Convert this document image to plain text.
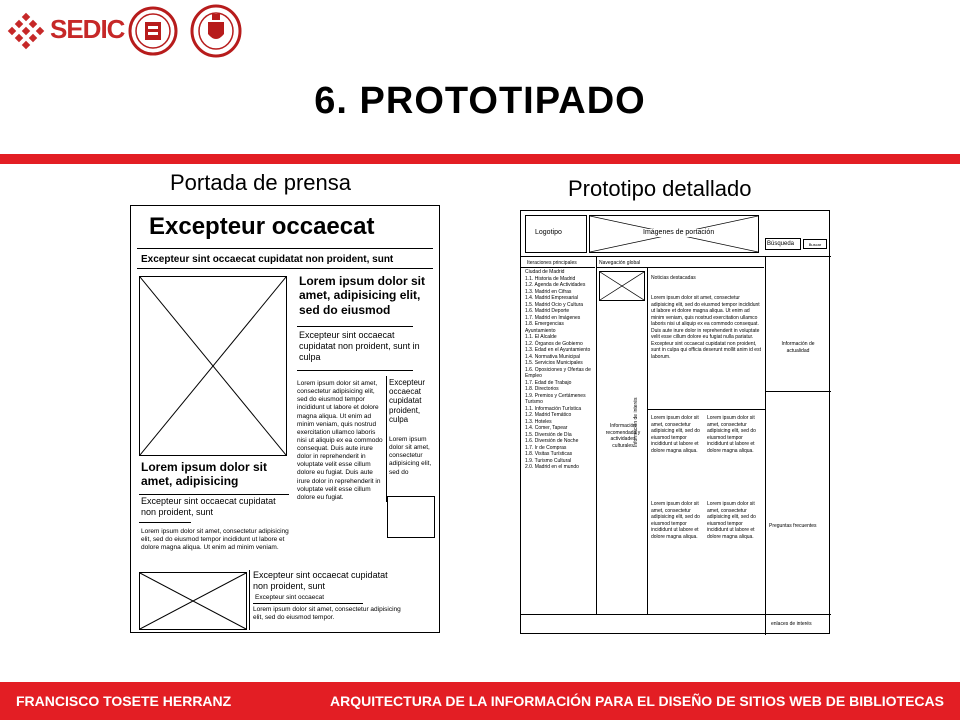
SEDIC
6. PROTOTIPADO
Portada de prensa	Prototipo detallado
Excepteur occaecat
Excepteur sint occaecat cupidatat non proident, sunt
Lorem ipsum dolor sit amet, adipisicing elit, sed do eiusmod
Excepteur sint occaecat cupidatat non proident, sunt in culpa
Lorem ipsum dolor sit amet, consectetur adipisicing elit, sed do eiusmod tempor incididunt ut labore et dolore magna aliqua. Ut enim ad minim veniam, quis nostrud exercitation ullamco laboris nisi ut aliquip ex ea commodo consequat. Duis aute irure dolor in reprehenderit in voluptate velit esse cillum dolore eu fugiat. Duis aute irure dolor in reprehenderit in voluptate velit esse cillum dolore eu fugiat.
Excepteur occaecat cupidatat proident, culpa
Lorem ipsum dolor sit amet, consectetur adipisicing elit, sed do
Lorem ipsum dolor sit amet, adipisicing
Excepteur sint occaecat cupidatat non proident, sunt
Lorem ipsum dolor sit amet, consectetur adipisicing elit, sed do eiusmod tempor incididunt ut labore et dolore magna aliqua. Ut enim ad minim veniam.
Excepteur sint occaecat cupidatat non proident, sunt
Excepteur sint occaecat
Lorem ipsum dolor sit amet, consectetur adipisicing elit, sed do eiusmod tempor.
Logotipo	Imágenes de portación
Búsqueda	Buscar
Iteraciones principales
Ciudad de Madrid
1.1. Historia de Madrid
1.2. Agenda de Actividades
1.3. Madrid en Cifras
1.4. Madrid Empresarial
1.5. Madrid Ocio y Cultura
1.6. Madrid Deporte
1.7. Madrid en Imágenes
1.8. Emergencias
Ayuntamiento
1.1. El Alcalde
1.2. Órganos de Gobierno
1.3. Edad en el Ayuntamiento
1.4. Normativa Municipal
1.5. Servicios Municipales
1.6. Oposiciones y Ofertas de Empleo
1.7. Edad de Trabajo
1.8. Directorios
1.9. Premios y Certámenes
Turismo
1.1. Información Turística
1.2. Madrid Temático
1.3. Hoteles
1.4. Comer, Tapear
1.5. Diversión de Día
1.6. Diversión de Noche
1.7. Ir de Compras
1.8. Visitas Turísticas
1.9. Turismo Cultural
2.0. Madrid en el mundo
Navegación global
Noticias destacadas
Lorem ipsum dolor sit amet, consectetur adipisicing elit, sed do eiusmod tempor incididunt ut labore et dolore magna aliqua. Ut enim ad minim veniam, quis nostrud exercitation ullamco laboris nisi ut aliquip ex ea commodo consequat. Duis aute irure dolor in reprehenderit in voluptate velit esse cillum dolore eu fugiat nulla pariatur. Excepteur sint occaecat cupidatat non proident, sunt in culpa qui officia deserunt mollit anim id est laborum.
Información recomendada y actividades culturales Información de interés Lorem ipsum dolor sit amet, consectetur adipisicing elit, sed do eiusmod tempor incididunt ut labore et dolore magna aliqua.
Lorem ipsum dolor sit amet, consectetur adipisicing elit, sed do eiusmod tempor incididunt ut labore et dolore magna aliqua.
Lorem ipsum dolor sit amet, consectetur adipisicing elit, sed do eiusmod tempor incididunt ut labore et dolore magna aliqua.
Lorem ipsum dolor sit amet, consectetur adipisicing elit, sed do eiusmod tempor incididunt ut labore et dolore magna aliqua.
Información de actualidad
Preguntas frecuentes
enlaces de interés
FRANCISCO TOSETE HERRANZ	ARQUITECTURA DE LA INFORMACIÓN PARA EL DISEÑO DE SITIOS WEB DE BIBLIOTECAS
